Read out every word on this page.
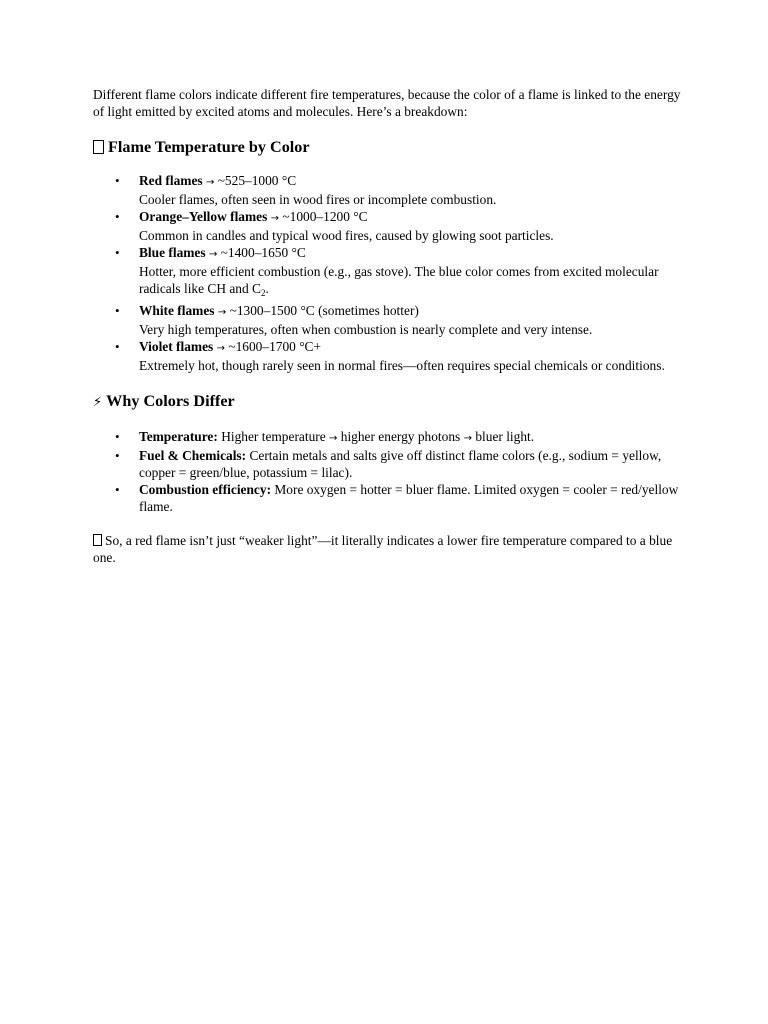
Different flame colors indicate different fire temperatures, because the color of a flame is linked to the energy of light emitted by excited atoms and molecules. Here’s a breakdown:

Flame Temperature by Color
• Red flames → ~525–1000 °C
Cooler flames, often seen in wood fires or incomplete combustion.
• Orange–Yellow flames → ~1000–1200 °C
Common in candles and typical wood fires, caused by glowing soot particles.
• Blue flames → ~1400–1650 °C
Hotter, more efficient combustion (e.g., gas stove). The blue color comes from excited molecular radicals like CH and $C_2$.
• White flames → ~1300–1500 °C (sometimes hotter)
Very high temperatures, often when combustion is nearly complete and very intense.
• Violet flames → ~1600–1700 °C+
Extremely hot, though rarely seen in normal fires—often requires special chemicals or conditions.
⚡ Why Colors Differ
• Temperature: Higher temperature → higher energy photons → bluer light.
• Fuel & Chemicals: Certain metals and salts give off distinct flame colors (e.g., sodium = yellow, copper = green/blue, potassium = lilac).
• Combustion efficiency: More oxygen = hotter = bluer flame. Limited oxygen = cooler = red/yellow flame.

So, a red flame isn’t just “weaker light”—it literally indicates a lower fire temperature compared to a blue one.
